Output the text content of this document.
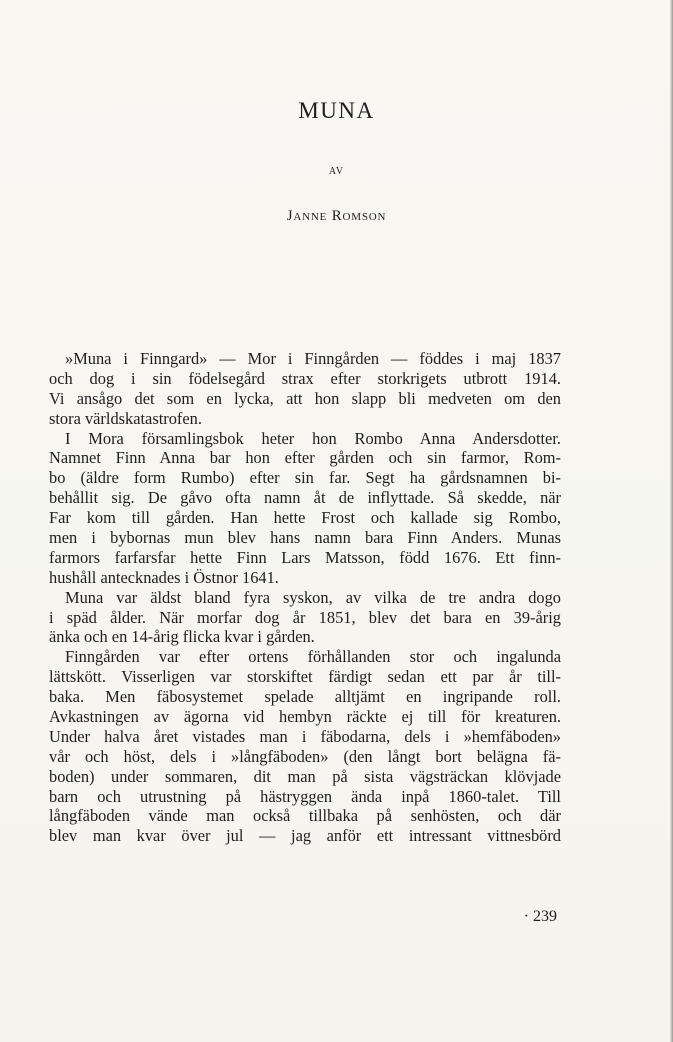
MUNA
AV
Janne Romson
»Muna i Finngard» — Mor i Finngården — föddes i maj 1837
och dog i sin födelsegård strax efter storkrigets utbrott 1914.
Vi ansågo det som en lycka, att hon slapp bli medveten om den
stora världskatastrofen.
I Mora församlingsbok heter hon Rombo Anna Andersdotter.
Namnet Finn Anna bar hon efter gården och sin farmor, Rom-
bo (äldre form Rumbo) efter sin far. Segt ha gårdsnamnen bi-
behållit sig. De gåvo ofta namn åt de inflyttade. Så skedde, när
Far kom till gården. Han hette Frost och kallade sig Rombo,
men i bybornas mun blev hans namn bara Finn Anders. Munas
farmors farfarsfar hette Finn Lars Matsson, född 1676. Ett finn-
hushåll antecknades i Östnor 1641.
Muna var äldst bland fyra syskon, av vilka de tre andra dogo
i späd ålder. När morfar dog år 1851, blev det bara en 39-årig
änka och en 14-årig flicka kvar i gården.
Finngården var efter ortens förhållanden stor och ingalunda
lättskött. Visserligen var storskiftet färdigt sedan ett par år till-
baka. Men fäbosystemet spelade alltjämt en ingripande roll.
Avkastningen av ägorna vid hembyn räckte ej till för kreaturen.
Under halva året vistades man i fäbodarna, dels i »hemfäboden»
vår och höst, dels i »långfäboden» (den långt bort belägna fä-
boden) under sommaren, dit man på sista vägsträckan klövjade
barn och utrustning på hästryggen ända inpå 1860-talet. Till
långfäboden vände man också tillbaka på senhösten, och där
blev man kvar över jul — jag anför ett intressant vittnesbörd
· 239
